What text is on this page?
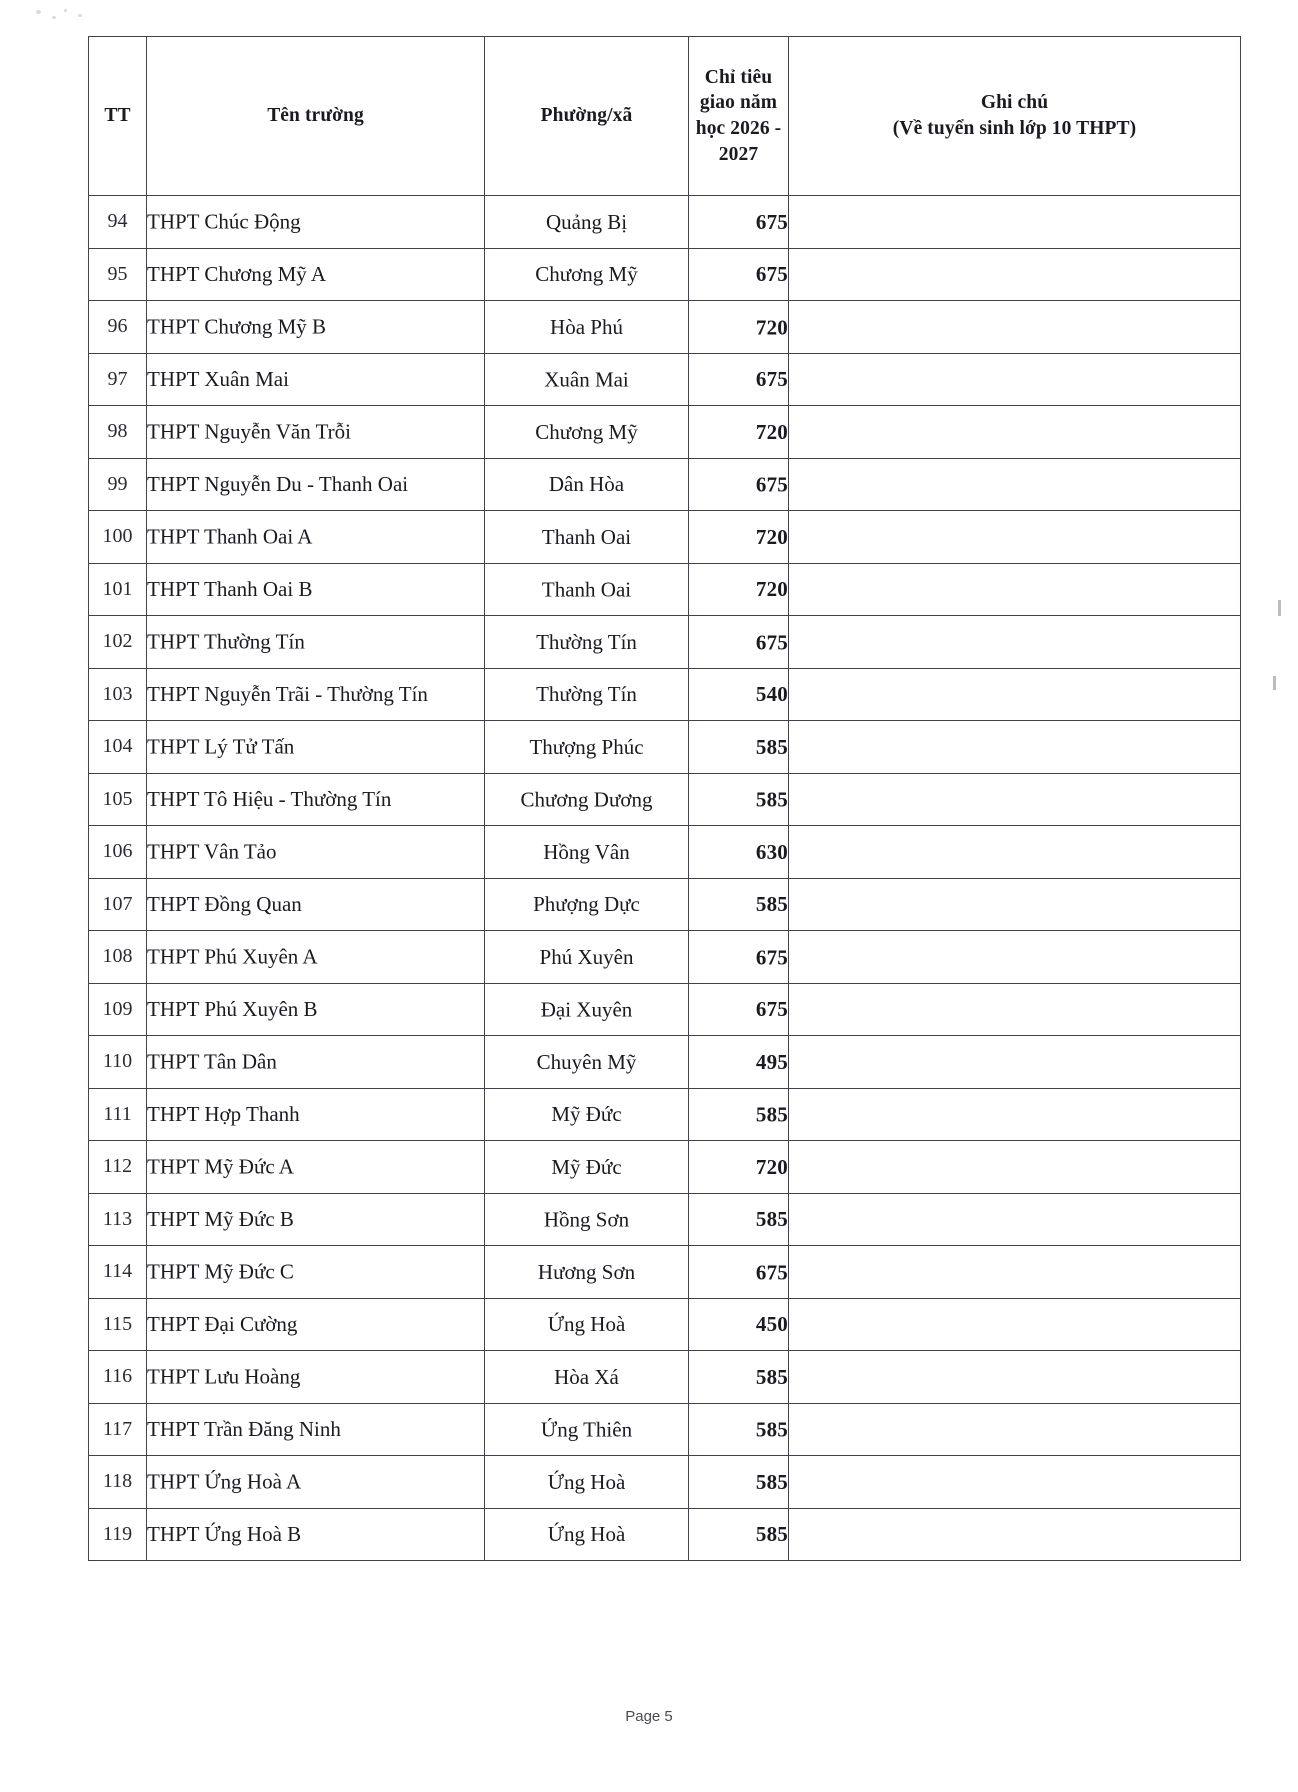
TT	Tên trường	Phường/xã	Chỉ tiêu
giao năm
học 2026 -
2027	Ghi chú
(Về tuyển sinh lớp 10 THPT)

94	THPT Chúc Động	Quảng Bị	675	
95	THPT Chương Mỹ A	Chương Mỹ	675	
96	THPT Chương Mỹ B	Hòa Phú	720	
97	THPT Xuân Mai	Xuân Mai	675	
98	THPT Nguyễn Văn Trỗi	Chương Mỹ	720	
99	THPT Nguyễn Du - Thanh Oai	Dân Hòa	675	
100	THPT Thanh Oai A	Thanh Oai	720	
101	THPT Thanh Oai B	Thanh Oai	720	
102	THPT Thường Tín	Thường Tín	675	
103	THPT Nguyễn Trãi - Thường Tín	Thường Tín	540	
104	THPT Lý Tử Tấn	Thượng Phúc	585	
105	THPT Tô Hiệu - Thường Tín	Chương Dương	585	
106	THPT Vân Tảo	Hồng Vân	630	
107	THPT Đồng Quan	Phượng Dực	585	
108	THPT Phú Xuyên A	Phú Xuyên	675	
109	THPT Phú Xuyên B	Đại Xuyên	675	
110	THPT Tân Dân	Chuyên Mỹ	495	
111	THPT Hợp Thanh	Mỹ Đức	585	
112	THPT Mỹ Đức A	Mỹ Đức	720	
113	THPT Mỹ Đức B	Hồng Sơn	585	
114	THPT Mỹ Đức C	Hương Sơn	675	
115	THPT Đại Cường	Ứng Hoà	450	
116	THPT Lưu Hoàng	Hòa Xá	585	
117	THPT Trần Đăng Ninh	Ứng Thiên	585	
118	THPT Ứng Hoà A	Ứng Hoà	585	
119	THPT Ứng Hoà B	Ứng Hoà	585	
Page 5
